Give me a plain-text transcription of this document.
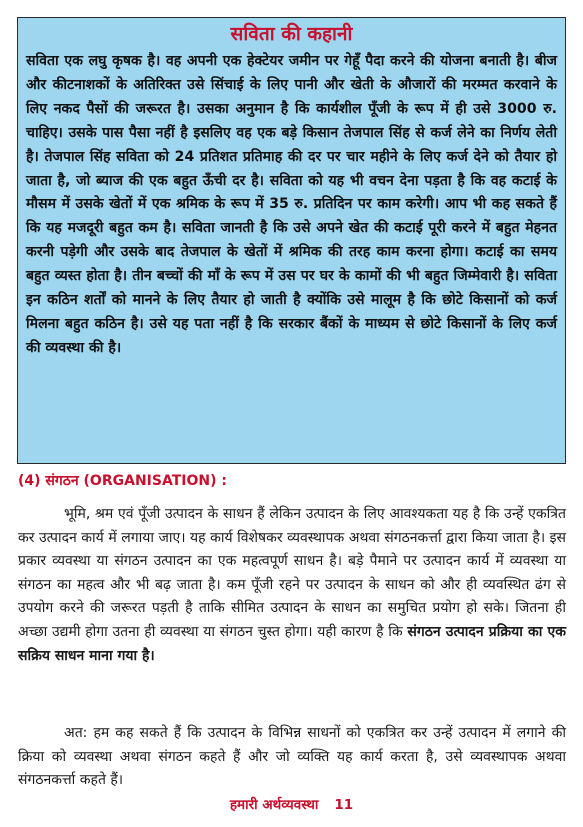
सविता की कहानी

सविता एक लघु कृषक है। वह अपनी एक हेक्टेयर जमीन पर गेहूँ पैदा करने की योजना बनाती है। बीज और कीटनाशकों के अतिरिक्त उसे सिंचाई के लिए पानी और खेती के औजारों की मरम्मत करवाने के लिए नकद पैसों की जरूरत है। उसका अनुमान है कि कार्यशील पूँजी के रूप में ही उसे 3000 रु. चाहिए। उसके पास पैसा नहीं है इसलिए वह एक बड़े किसान तेजपाल सिंह से कर्ज लेने का निर्णय लेती है। तेजपाल सिंह सविता को 24 प्रतिशत प्रतिमाह की दर पर चार महीने के लिए कर्ज देने को तैयार हो जाता है, जो ब्याज की एक बहुत ऊँची दर है। सविता को यह भी वचन देना पड़ता है कि वह कटाई के मौसम में उसके खेतों में एक श्रमिक के रूप में 35 रु. प्रतिदिन पर काम करेगी। आप भी कह सकते हैं कि यह मजदूरी बहुत कम है। सविता जानती है कि उसे अपने खेत की कटाई पूरी करने में बहुत मेहनत करनी पड़ेगी और उसके बाद तेजपाल के खेतों में श्रमिक की तरह काम करना होगा। कटाई का समय बहुत व्यस्त होता है। तीन बच्चों की माँ के रूप में उस पर घर के कामों की भी बहुत जिम्मेवारी है। सविता इन कठिन शर्तों को मानने के लिए तैयार हो जाती है क्योंकि उसे मालूम है कि छोटे किसानों को कर्ज मिलना बहुत कठिन है। उसे यह पता नहीं है कि सरकार बैंकों के माध्यम से छोटे किसानों के लिए कर्ज की व्यवस्था की है।

(4) संगठन (ORGANISATION) :

भूमि, श्रम एवं पूँजी उत्पादन के साधन हैं लेकिन उत्पादन के लिए आवश्यकता यह है कि उन्हें एकत्रित कर उत्पादन कार्य में लगाया जाए। यह कार्य विशेषकर व्यवस्थापक अथवा संगठनकर्त्ता द्वारा किया जाता है। इस प्रकार व्यवस्था या संगठन उत्पादन का एक महत्वपूर्ण साधन है। बड़े पैमाने पर उत्पादन कार्य में व्यवस्था या संगठन का महत्व और भी बढ़ जाता है। कम पूँजी रहने पर उत्पादन के साधन को और ही व्यवस्थित ढंग से उपयोग करने की जरूरत पड़ती है ताकि सीमित उत्पादन के साधन का समुचित प्रयोग हो सके। जितना ही अच्छा उद्यमी होगा उतना ही व्यवस्था या संगठन चुस्त होगा। यही कारण है कि संगठन उत्पादन प्रक्रिया का एक सक्रिय साधन माना गया है।

अत: हम कह सकते हैं कि उत्पादन के विभिन्न साधनों को एकत्रित कर उन्हें उत्पादन में लगाने की क्रिया को व्यवस्था अथवा संगठन कहते हैं और जो व्यक्ति यह कार्य करता है, उसे व्यवस्थापक अथवा संगठनकर्त्ता कहते हैं।

हमारी अर्थव्यवस्था 11
